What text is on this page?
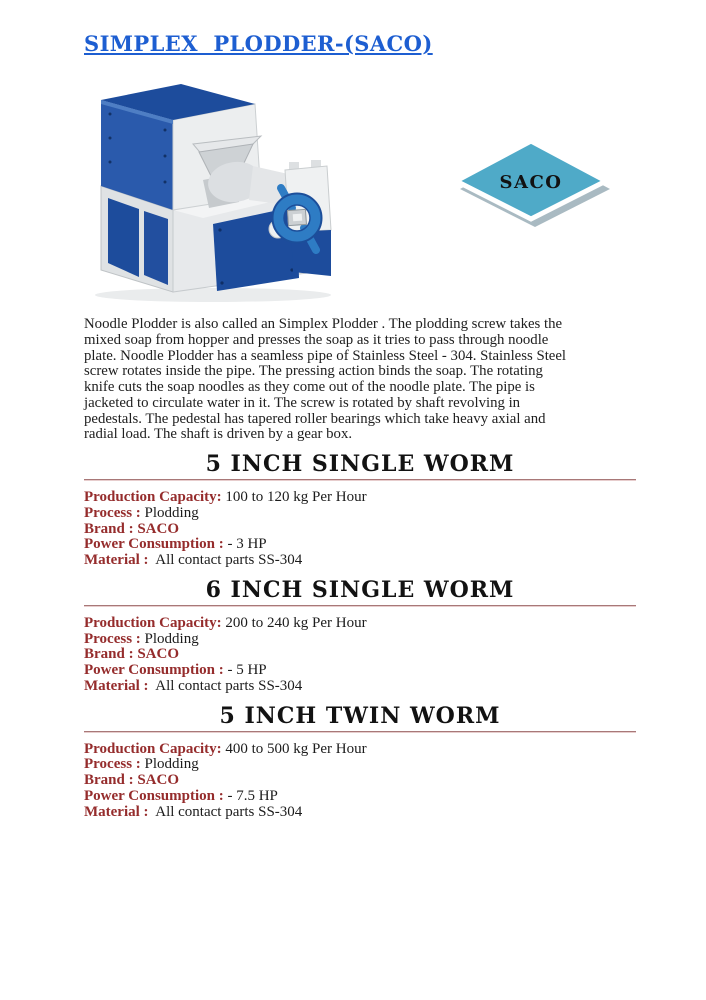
SIMPLEX  PLODDER-(SACO)
SACO
Noodle Plodder is also called an Simplex Plodder . The plodding screw takes the
mixed soap from hopper and presses the soap as it tries to pass through noodle
plate. Noodle Plodder has a seamless pipe of Stainless Steel - 304. Stainless Steel
screw rotates inside the pipe. The pressing action binds the soap. The rotating
knife cuts the soap noodles as they come out of the noodle plate. The pipe is
jacketed to circulate water in it. The screw is rotated by shaft revolving in
pedestals. The pedestal has tapered roller bearings which take heavy axial and
radial load. The shaft is driven by a gear box.
5 INCH SINGLE WORM
Production Capacity: 100 to 120 kg Per Hour
Process : Plodding
Brand : SACO
Power Consumption : - 3 HP
Material :  All contact parts SS-304
6 INCH SINGLE WORM
Production Capacity: 200 to 240 kg Per Hour
Process : Plodding
Brand : SACO
Power Consumption : - 5 HP
Material :  All contact parts SS-304
5 INCH TWIN WORM
Production Capacity: 400 to 500 kg Per Hour
Process : Plodding
Brand : SACO
Power Consumption : - 7.5 HP
Material :  All contact parts SS-304
